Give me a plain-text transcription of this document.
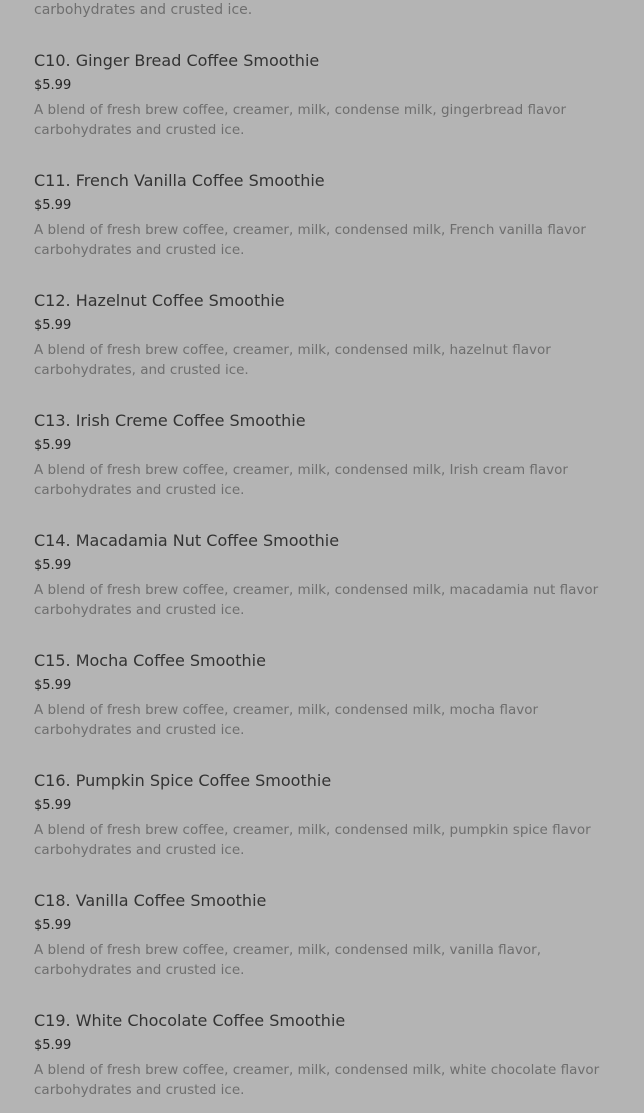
carbohydrates and crusted ice.
C10. Ginger Bread Coffee Smoothie
$5.99
A blend of fresh brew coffee, creamer, milk, condense milk, gingerbread flavor carbohydrates and crusted ice.
C11. French Vanilla Coffee Smoothie
$5.99
A blend of fresh brew coffee, creamer, milk, condensed milk, French vanilla flavor carbohydrates and crusted ice.
C12. Hazelnut Coffee Smoothie
$5.99
A blend of fresh brew coffee, creamer, milk, condensed milk, hazelnut flavor carbohydrates, and crusted ice.
C13. Irish Creme Coffee Smoothie
$5.99
A blend of fresh brew coffee, creamer, milk, condensed milk, Irish cream flavor carbohydrates and crusted ice.
C14. Macadamia Nut Coffee Smoothie
$5.99
A blend of fresh brew coffee, creamer, milk, condensed milk, macadamia nut flavor carbohydrates and crusted ice.
C15. Mocha Coffee Smoothie
$5.99
A blend of fresh brew coffee, creamer, milk, condensed milk, mocha flavor carbohydrates and crusted ice.
C16. Pumpkin Spice Coffee Smoothie
$5.99
A blend of fresh brew coffee, creamer, milk, condensed milk, pumpkin spice flavor carbohydrates and crusted ice.
C18. Vanilla Coffee Smoothie
$5.99
A blend of fresh brew coffee, creamer, milk, condensed milk, vanilla flavor, carbohydrates and crusted ice.
C19. White Chocolate Coffee Smoothie
$5.99
A blend of fresh brew coffee, creamer, milk, condensed milk, white chocolate flavor carbohydrates and crusted ice.
